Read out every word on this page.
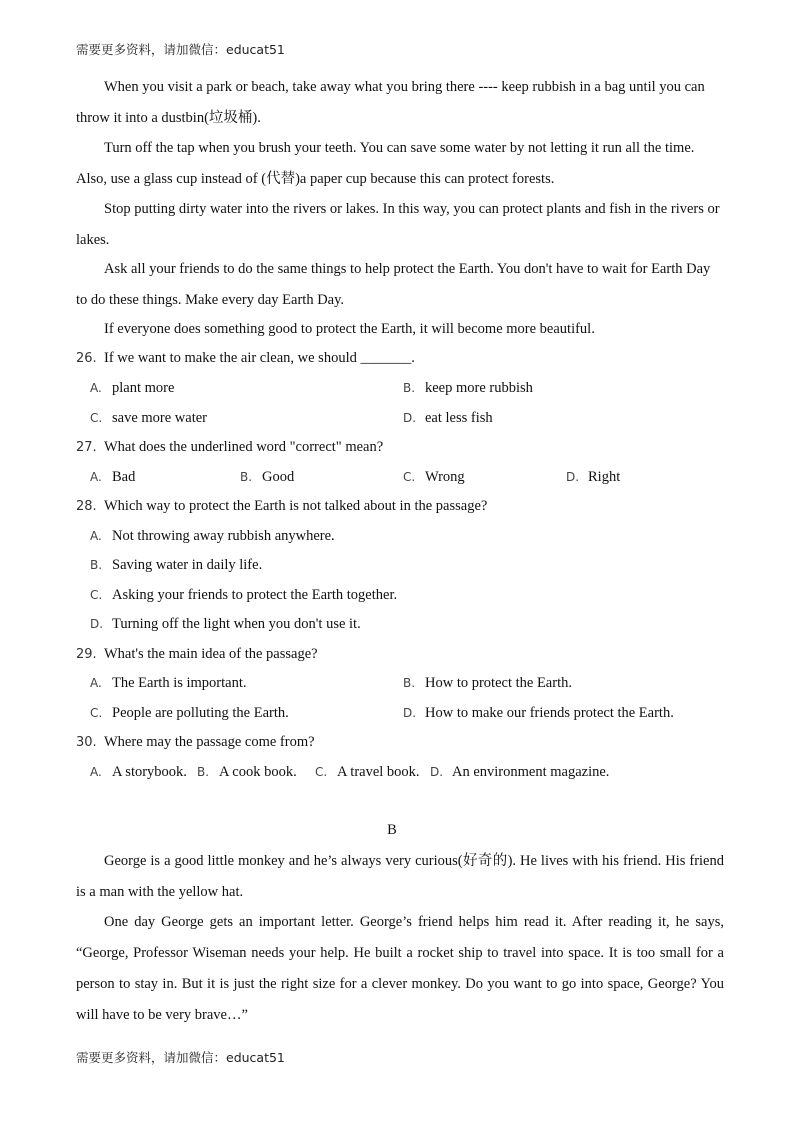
需要更多资料，请加微信：educat51

When you visit a park or beach, take away what you bring there ---- keep rubbish in a bag until you can throw it into a dustbin(垃圾桶).

Turn off the tap when you brush your teeth. You can save some water by not letting it run all the time. Also, use a glass cup instead of (代替)a paper cup because this can protect forests.

Stop putting dirty water into the rivers or lakes. In this way, you can protect plants and fish in the rivers or lakes.

Ask all your friends to do the same things to help protect the Earth. You don't have to wait for Earth Day to do these things. Make every day Earth Day.

If everyone does something good to protect the Earth, it will become more beautiful.

26. If we want to make the air clean, we should _______.
A. plant more	B. keep more rubbish
C. save more water	D. eat less fish
27. What does the underlined word "correct" mean?
A. Bad	B. Good	C. Wrong	D. Right
28. Which way to protect the Earth is not talked about in the passage?
A. Not throwing away rubbish anywhere.
B. Saving water in daily life.
C. Asking your friends to protect the Earth together.
D. Turning off the light when you don't use it.
29. What's the main idea of the passage?
A. The Earth is important.	B. How to protect the Earth.
C. People are polluting the Earth.	D. How to make our friends protect the Earth.
30. Where may the passage come from?
A. A storybook. B. A cook book. C. A travel book. D. An environment magazine.
B

George is a good little monkey and he’s always very curious(好奇的). He lives with his friend. His friend is a man with the yellow hat.

One day George gets an important letter. George’s friend helps him read it. After reading it, he says, “George, Professor Wiseman needs your help. He built a rocket ship to travel into space. It is too small for a person to stay in. But it is just the right size for a clever monkey. Do you want to go into space, George? You will have to be very brave…”

需要更多资料，请加微信：educat51
